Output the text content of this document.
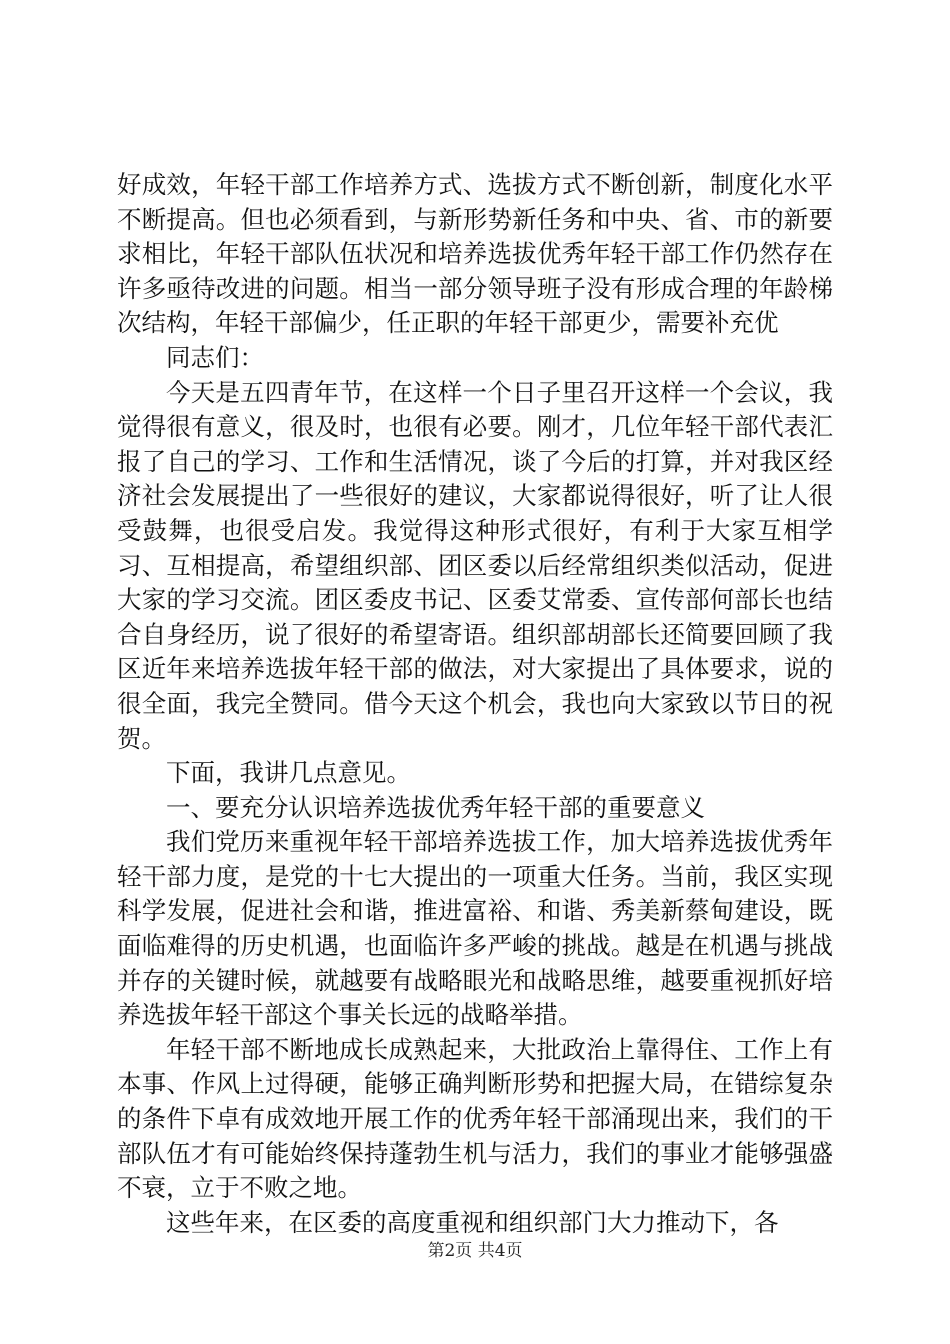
好成效，年轻干部工作培养方式、选拔方式不断创新，制度化水平不断提高。但也必须看到，与新形势新任务和中央、省、市的新要求相比，年轻干部队伍状况和培养选拔优秀年轻干部工作仍然存在许多亟待改进的问题。相当一部分领导班子没有形成合理的年龄梯次结构，年轻干部偏少，任正职的年轻干部更少，需要补充优

同志们：

今天是五四青年节，在这样一个日子里召开这样一个会议，我觉得很有意义，很及时，也很有必要。刚才，几位年轻干部代表汇报了自己的学习、工作和生活情况，谈了今后的打算，并对我区经济社会发展提出了一些很好的建议，大家都说得很好，听了让人很受鼓舞，也很受启发。我觉得这种形式很好，有利于大家互相学习、互相提高，希望组织部、团区委以后经常组织类似活动，促进大家的学习交流。团区委皮书记、区委艾常委、宣传部何部长也结合自身经历，说了很好的希望寄语。组织部胡部长还简要回顾了我区近年来培养选拔年轻干部的做法，对大家提出了具体要求，说的很全面，我完全赞同。借今天这个机会，我也向大家致以节日的祝贺。

下面，我讲几点意见。

一、要充分认识培养选拔优秀年轻干部的重要意义

我们党历来重视年轻干部培养选拔工作，加大培养选拔优秀年轻干部力度，是党的十七大提出的一项重大任务。当前，我区实现科学发展，促进社会和谐，推进富裕、和谐、秀美新蔡甸建设，既面临难得的历史机遇，也面临许多严峻的挑战。越是在机遇与挑战并存的关键时候，就越要有战略眼光和战略思维，越要重视抓好培养选拔年轻干部这个事关长远的战略举措。

年轻干部不断地成长成熟起来，大批政治上靠得住、工作上有本事、作风上过得硬，能够正确判断形势和把握大局，在错综复杂的条件下卓有成效地开展工作的优秀年轻干部涌现出来，我们的干部队伍才有可能始终保持蓬勃生机与活力，我们的事业才能够强盛不衰，立于不败之地。

这些年来，在区委的高度重视和组织部门大力推动下，各

第2页 共4页
